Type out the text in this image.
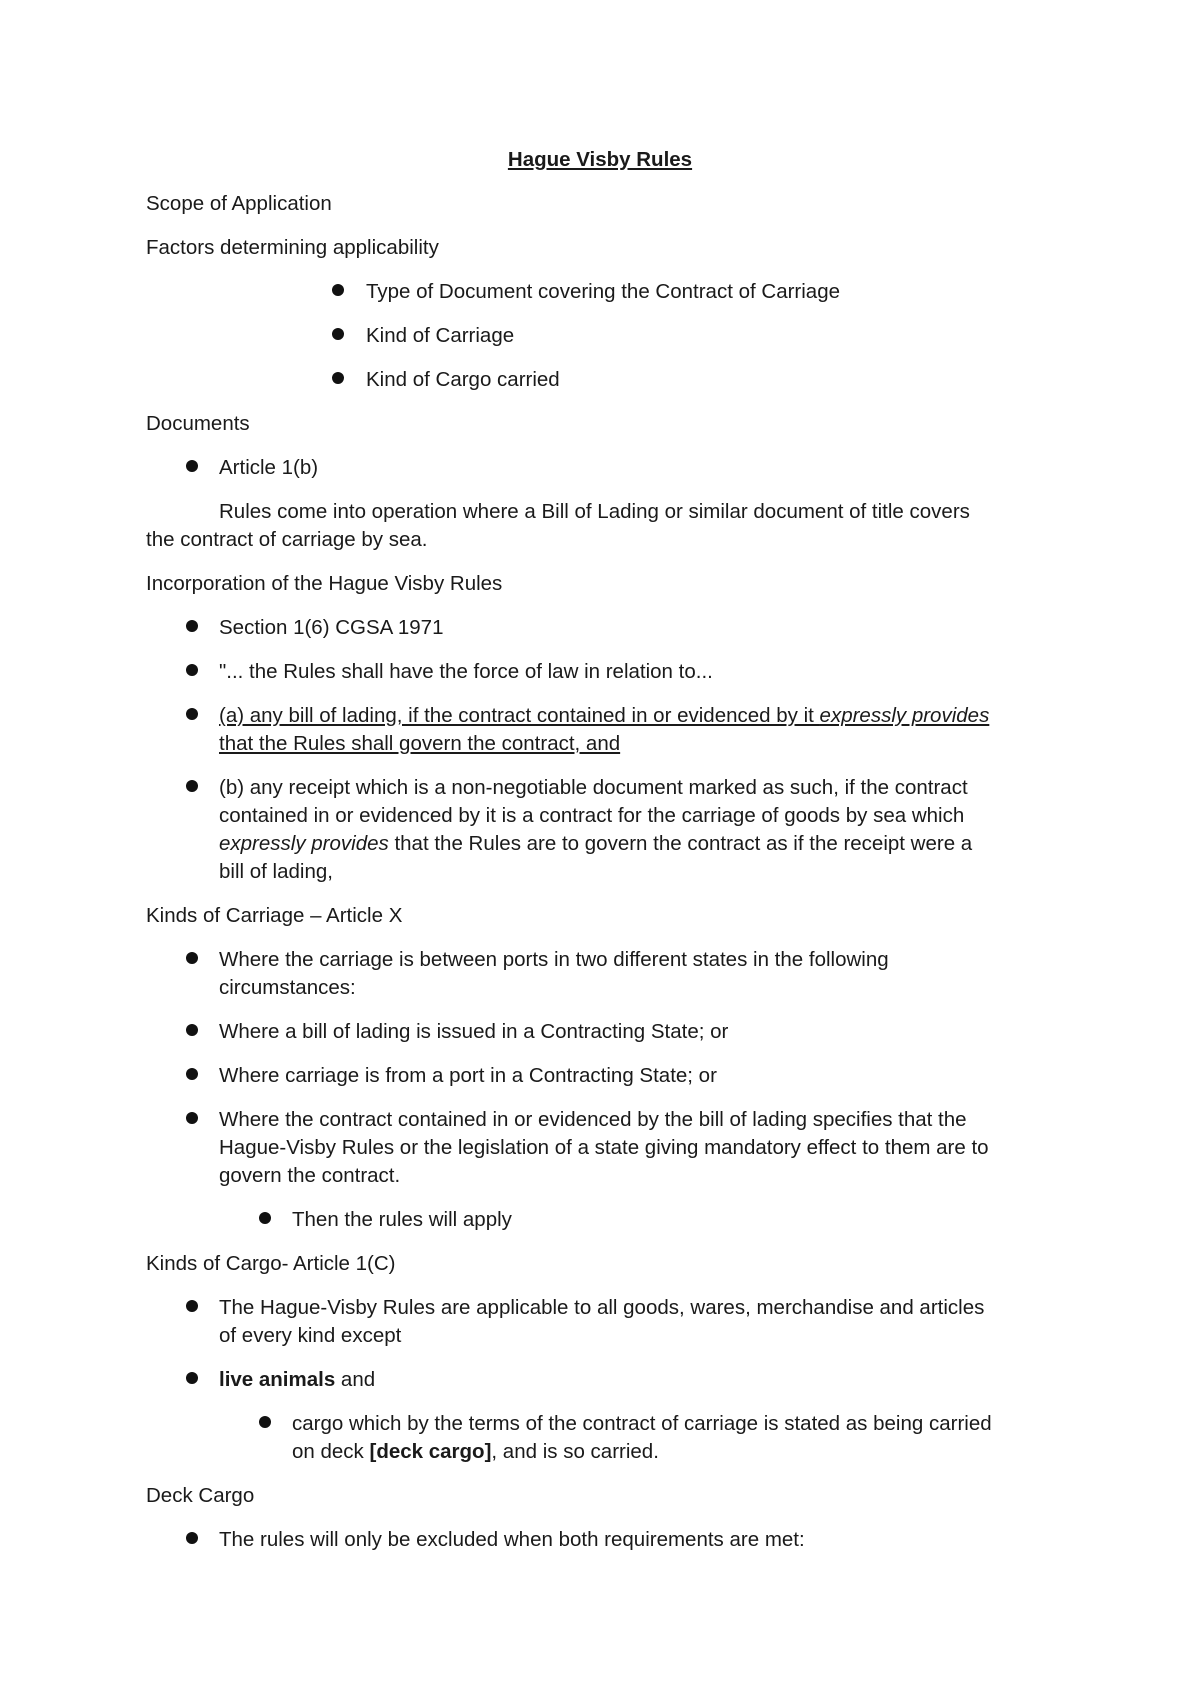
Hague Visby Rules

Scope of Application

Factors determining applicability

Type of Document covering the Contract of Carriage

Kind of Carriage

Kind of Cargo carried

Documents

Article 1(b)

Rules come into operation where a Bill of Lading or similar document of title covers

the contract of carriage by sea.

Incorporation of the Hague Visby Rules

Section 1(6) CGSA 1971

"... the Rules shall have the force of law in relation to...

(a) any bill of lading, if the contract contained in or evidenced by it expressly provides

that the Rules shall govern the contract, and

(b) any receipt which is a non-negotiable document marked as such, if the contract

contained in or evidenced by it is a contract for the carriage of goods by sea which

expressly provides that the Rules are to govern the contract as if the receipt were a

bill of lading,

Kinds of Carriage – Article X

Where the carriage is between ports in two different states in the following

circumstances:

Where a bill of lading is issued in a Contracting State; or

Where carriage is from a port in a Contracting State; or

Where the contract contained in or evidenced by the bill of lading specifies that the

Hague-Visby Rules or the legislation of a state giving mandatory effect to them are to

govern the contract.

Then the rules will apply

Kinds of Cargo- Article 1(C)

The Hague-Visby Rules are applicable to all goods, wares, merchandise and articles

of every kind except

live animals and

cargo which by the terms of the contract of carriage is stated as being carried

on deck [deck cargo], and is so carried.

Deck Cargo

The rules will only be excluded when both requirements are met:
